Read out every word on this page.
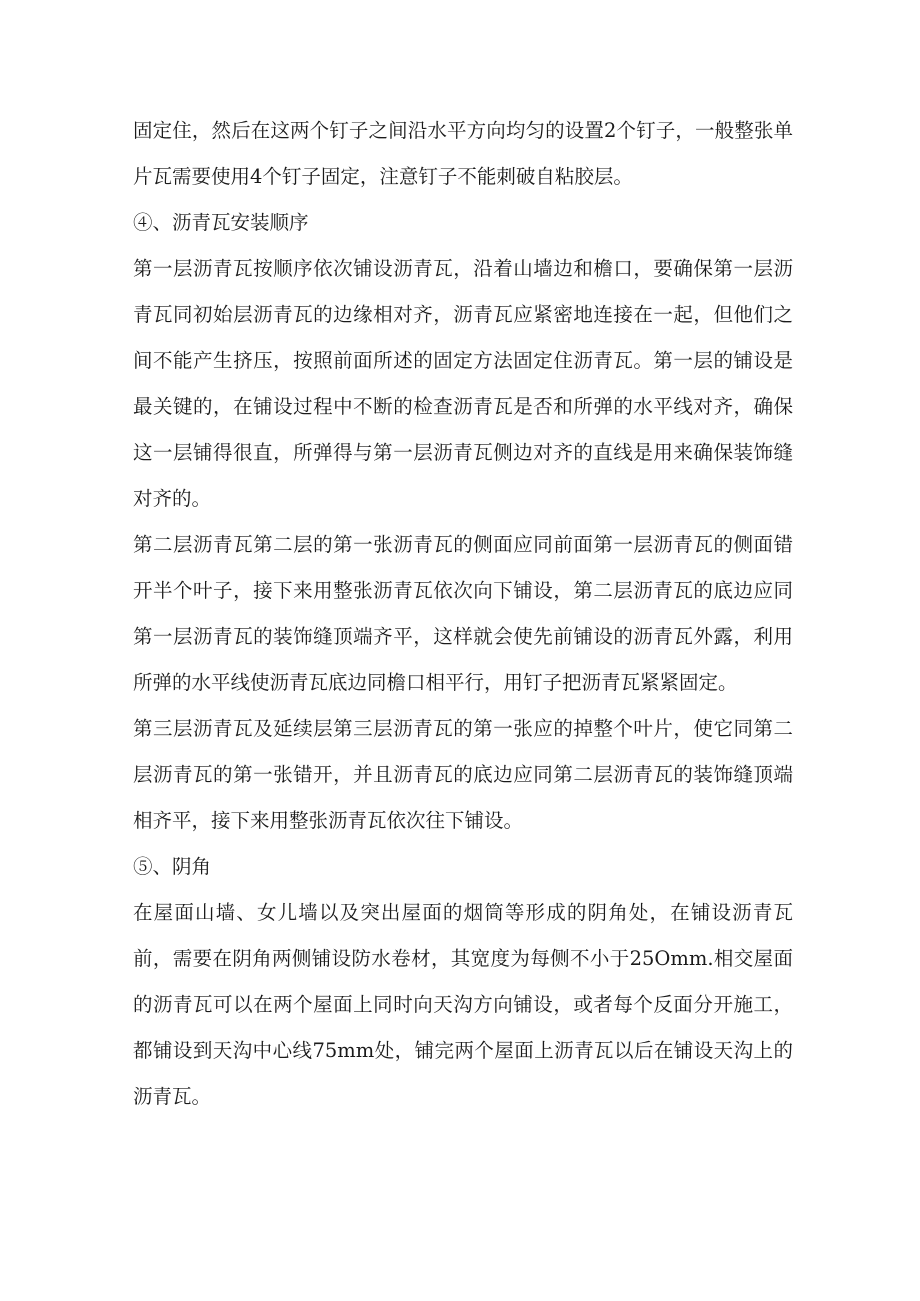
固定住，然后在这两个钉子之间沿水平方向均匀的设置2个钉子，一般整张单片瓦需要使用4个钉子固定，注意钉子不能刺破自粘胶层。

④、沥青瓦安装顺序

第一层沥青瓦按顺序依次铺设沥青瓦，沿着山墙边和檐口，要确保第一层沥青瓦同初始层沥青瓦的边缘相对齐，沥青瓦应紧密地连接在一起，但他们之间不能产生挤压，按照前面所述的固定方法固定住沥青瓦。第一层的铺设是最关键的，在铺设过程中不断的检查沥青瓦是否和所弹的水平线对齐，确保这一层铺得很直，所弹得与第一层沥青瓦侧边对齐的直线是用来确保装饰缝对齐的。

第二层沥青瓦第二层的第一张沥青瓦的侧面应同前面第一层沥青瓦的侧面错开半个叶子，接下来用整张沥青瓦依次向下铺设，第二层沥青瓦的底边应同第一层沥青瓦的装饰缝顶端齐平，这样就会使先前铺设的沥青瓦外露，利用所弹的水平线使沥青瓦底边同檐口相平行，用钉子把沥青瓦紧紧固定。

第三层沥青瓦及延续层第三层沥青瓦的第一张应的掉整个叶片，使它同第二层沥青瓦的第一张错开，并且沥青瓦的底边应同第二层沥青瓦的装饰缝顶端相齐平，接下来用整张沥青瓦依次往下铺设。

⑤、阴角

在屋面山墙、女儿墙以及突出屋面的烟筒等形成的阴角处，在铺设沥青瓦前，需要在阴角两侧铺设防水卷材，其宽度为每侧不小于25Omm.相交屋面的沥青瓦可以在两个屋面上同时向天沟方向铺设，或者每个反面分开施工，都铺设到天沟中心线75mm处，铺完两个屋面上沥青瓦以后在铺设天沟上的沥青瓦。
